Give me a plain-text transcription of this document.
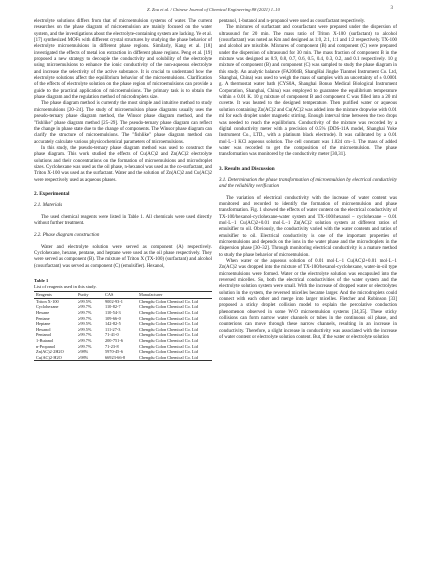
Z. Zou et al. / Chinese Journal of Chemical Engineering 88 (2021) 1–10	3

electrolyte solutions differs from that of microemulsion systems of water. The current researches on the phase diagram of microemulsion are mainly focused on the water system, and the investigations about the electrolyte-containing system are lacking. Ye et al. [17] synthesized MOFs with different crystal structures by studying the phase behavior of electrolyte microemulsions in different phase regions. Similarly, Kang et al. [18] investigated the effects of metal ion extraction in different phase regions. Peng et al. [19] proposed a new strategy to decouple the conductivity and solubility of the electrolyte using microemulsions to enhance the ionic conductivity of the non-aqueous electrolyte and increase the selectivity of the active substance. It is crucial to understand how the electrolyte solutions affect the equilibrium behavior of the microemulsions. Clarification of the effects of electrolyte solution on the phase region of microemulsions can provide a guide to the practical application of microemulsions. The primary task is to obtain the phase diagram and the regulation method of microdroplets size.

The phase diagram method is currently the most simple and intuitive method to study microemulsions [20–24]. The study of microemulsion phase diagrams usually uses the pseudo-ternary phase diagram method, the Winsor phase diagram method, and the "fishlike" phase diagram method [25–29]. The pseudo-ternary phase diagram can reflect the change in phase state due to the change of components. The Winsor phase diagram can clarify the structure of microemulsions. The "fishlike" phase diagram method can accurately calculate various physicochemical parameters of microemulsions.

In this study, the pseudo-ternary phase diagram method was used to construct the phase diagram. This work studied the effects of Cu(AC)2 and Zn(AC)2 electrolyte solutions and their concentrations on the formation of microemulsions and microdroplet sizes. Cyclohexane was used as the oil phase, n-hexanol was used as the co-surfactant, and Triton X-100 was used as the surfactant. Water and the solution of Zn(AC)2 and Cu(AC)2 were respectively used as aqueous phases.

2. Experimental
2.1. Materials

The used chemical reagents were listed in Table 1. All chemicals were used directly without further treatment.

2.2. Phase diagram construction

Water and electrolyte solution were served as component (A) respectively. Cyclohexane, hexane, pentane, and heptane were used as the oil phase respectively. They were served as component (B). The mixture of Triton X (TX-100) (surfactant) and alcohol (cosurfactant) was served as component (C) (emulsifier). Hexanol,

Table 1
List of reagents used in this study.
Reagents	Purity	CAS	Manufacturer
Triton X-100	≥99.5%	9002-93-1	Chengdu Colon Chemical Co. Ltd
Cyclohexane	≥99.7%	110-82-7	Chengdu Colon Chemical Co. Ltd
Hexane	≥99.7%	110-54-3	Chengdu Colon Chemical Co. Ltd
Pentane	≥99.7%	109-66-0	Chengdu Colon Chemical Co. Ltd
Heptane	≥99.5%	142-82-5	Chengdu Colon Chemical Co. Ltd
Hexanol	≥99.5%	111-27-3	Chengdu Colon Chemical Co. Ltd
Pentanol	≥99.7%	71-41-0	Chengdu Colon Chemical Co. Ltd
1-Butanol	≥99.7%	200-751-6	Chengdu Colon Chemical Co. Ltd
n-Propanol	≥99.7%	71-23-8	Chengdu Colon Chemical Co. Ltd
Zn(AC)2·2H2O	≥98%	5970-45-6	Chengdu Colon Chemical Co. Ltd
Cu(AC)2·H2O	≥98%	66923-66-8	Chengdu Colon Chemical Co. Ltd

pentanol, 1-butanol and n-propanol were used as cosurfactant respectively.

The mixtures of surfactant and cosurfactant were prepared under the dispersion of ultrasound for 20 min. The mass ratio of Triton X-100 (surfactant) to alcohol (cosurfactant) was noted as Km and designed as 1:0, 2:1, 1:1 and 1:2 respectively. TX-100 and alcohol are miscible. Mixtures of component (B) and component (C) were prepared under the dispersion of ultrasound for 30 min. The mass fraction of component B in the mixture was designed as 0.9, 0.8, 0.7, 0.6, 0.5, 0.4, 0.3, 0.2, and 0.1 respectively. 10 g mixture of component (B) and component (C) was sampled to study the phase diagram in this study. An analytic balance (FA2004B, ShangHai Jingke Tianmei Instrument Co. Ltd, Shanghai, China) was used to weigh the mass of samples with an uncertainty of ± 0.0001 g. A thermostat water bath (CYS0A, Shanghai Bonuo Medical Biological Instrument Corporation, Shanghai, China) was employed to guarantee the equilibrium temperature within ± 0.01 K. 10 g mixture of component B and component C was filled into a 20 ml cuvette. It was heated to the designed temperature. Then purified water or aqueous solution containing Zn(AC)2 and Cu(AC)2 was added into the mixture dropwise with 0.01 ml for each droplet under magnetic stirring. Enough interval time between the two drops was needed to reach the equilibrium. Conductivity of the mixture was recorded by a digital conductivity meter with a precision of 0.5% (DDS-11A model, Shanghai Yoke Instrument Co., LTD., with a platinum black electrode). It was calibrated by a 0.01 mol·L−1 KCl aqueous solution. The cell constant was 1.024 cm−1. The mass of added water was recorded to get the composition of the microemulsion. The phase transformation was monitored by the conductivity meter [30,31].

3. Results and Discussion
3.1. Determination the phase transformation of microemulsion by electrical conductivity and the reliability verification

The variation of electrical conductivity with the increase of water content was monitored and recorded to identify the formation of microemulsion and phase transformation. Fig. 1 showed the effects of water content on the electrical conductivity of TX-100/hexanol-cyclohexane-water system and TX-100/hexanol – cyclohexane – 0.01 mol·L−1 Cu(AC)2+0.01 mol·L−1 Zn(AC)2 solution system at different ratios of emulsifier to oil. Obviously, the conductivity varied with the water contents and ratios of emulsifier to oil. Electrical conductivity is one of the important properties of microemulsions and depends on the ions in the water phase and the microdroplets in the dispersion phase [30–32]. Through monitoring electrical conductivity is a mature method to study the phase behavior of microemulsion.

When water or the aqueous solution of 0.01 mol·L−1 Cu(AC)2+0.01 mol·L−1 Zn(AC)2 was dropped into the mixture of TX-100/hexanol-cyclohexane, water-in-oil type microemulsions were formed. Water or the electrolyte solution was encapsuled into the reversed micelles. So, both the electrical conductivities of the water system and the electrolyte solution system were small. With the increase of dropped water or electrolytes solution in the system, the reversed micelles became larger. And the microdroplets could connect with each other and merge into larger micelles. Fletcher and Robinson [33] proposed a sticky droplet collision model to explain the percolative conduction phenomenon observed in some W/O microemulsion systems [34,35]. These sticky collisions can form narrow water channels or tubes in the continuous oil phase, and counterions can move through these narrow channels, resulting in an increase in conductivity. Therefore, a slight increase in conductivity was associated with the increase of water content or electrolyte solution content. But, if the water or electrolyte solution
